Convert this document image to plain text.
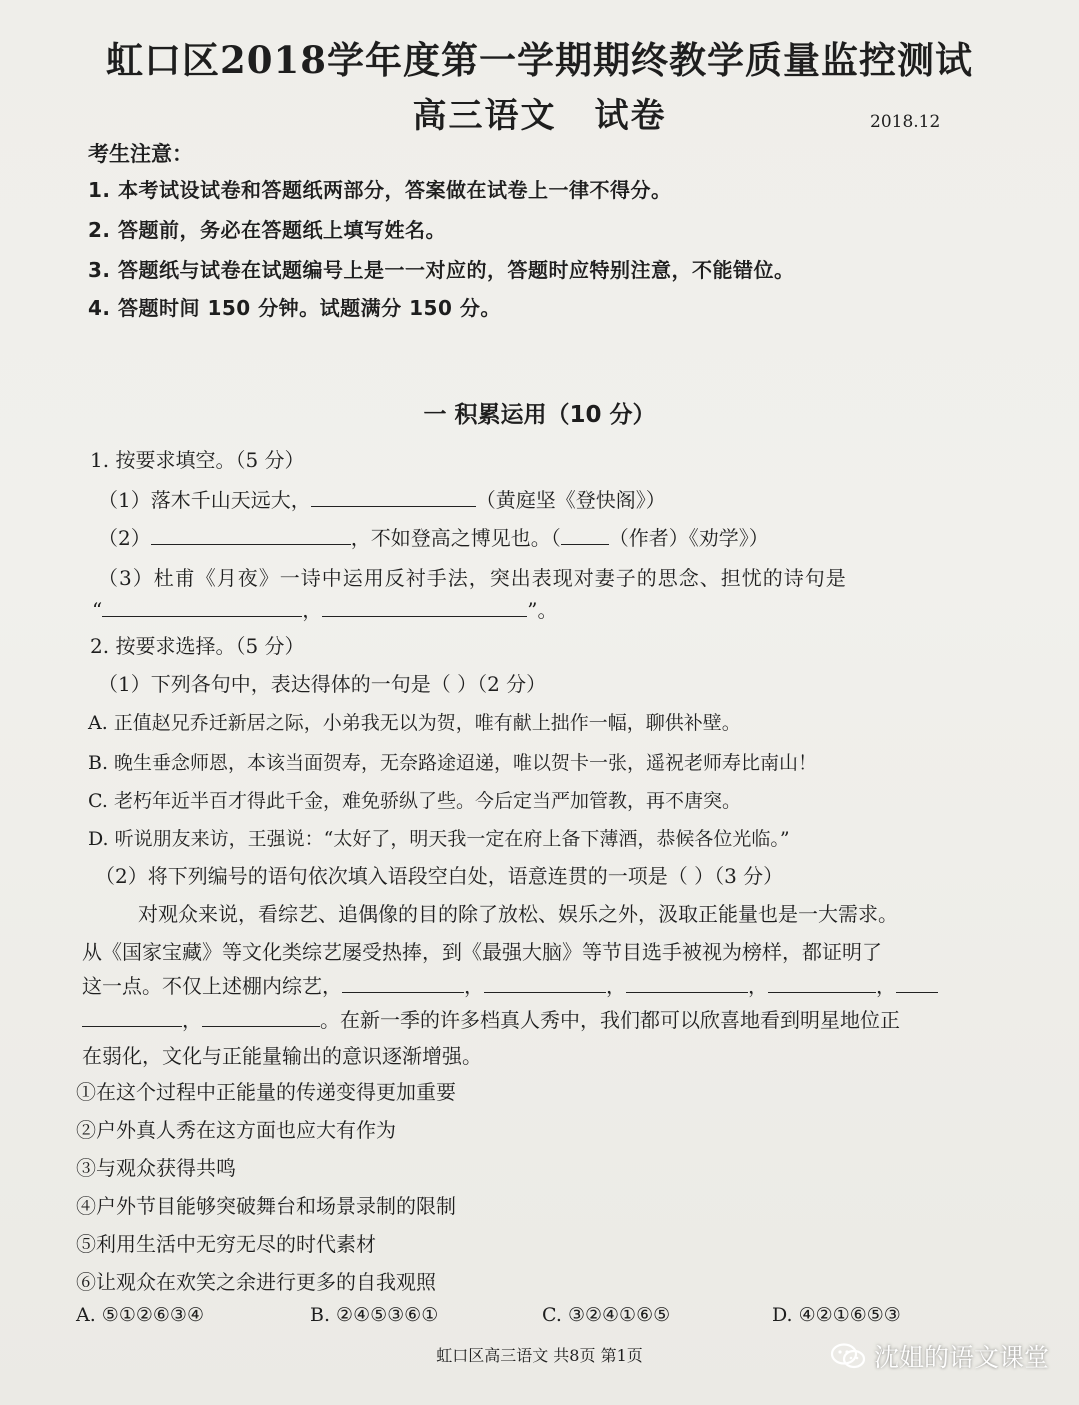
虹口区2018学年度第一学期期终教学质量监控测试
高三语文 试卷	2018.12
考生注意：
1. 本考试设试卷和答题纸两部分，答案做在试卷上一律不得分。
2. 答题前，务必在答题纸上填写姓名。
3. 答题纸与试卷在试题编号上是一一对应的，答题时应特别注意，不能错位。
4. 答题时间 150 分钟。试题满分 150 分。
一 积累运用（10 分）
1. 按要求填空。（5 分）
（1）落木千山天远大，	（黄庭坚《登快阁》）
（2）	，不如登高之博见也。（ （作者）《劝学》）
（3）杜甫《月夜》一诗中运用反衬手法，突出表现对妻子的思念、担忧的诗句是
“	，	”。
2. 按要求选择。（5 分）
（1）下列各句中，表达得体的一句是（ ）（2 分）
A. 正值赵兄乔迁新居之际，小弟我无以为贺，唯有献上拙作一幅，聊供补壁。
B. 晚生垂念师恩，本该当面贺寿，无奈路途迢递，唯以贺卡一张，遥祝老师寿比南山！
C. 老朽年近半百才得此千金，难免骄纵了些。今后定当严加管教，再不唐突。
D. 听说朋友来访，王强说：“太好了，明天我一定在府上备下薄酒，恭候各位光临。”
（2）将下列编号的语句依次填入语段空白处，语意连贯的一项是（ ）（3 分）
对观众来说，看综艺、追偶像的目的除了放松、娱乐之外，汲取正能量也是一大需求。
从《国家宝藏》等文化类综艺屡受热捧，到《最强大脑》等节目选手被视为榜样，都证明了
这一点。不仅上述棚内综艺，	，	，	，	，
，	。在新一季的许多档真人秀中，我们都可以欣喜地看到明星地位正
在弱化，文化与正能量输出的意识逐渐增强。
①在这个过程中正能量的传递变得更加重要
②户外真人秀在这方面也应大有作为
③与观众获得共鸣
④户外节目能够突破舞台和场景录制的限制
⑤利用生活中无穷无尽的时代素材
⑥让观众在欢笑之余进行更多的自我观照
A. ⑤①②⑥③④	B. ②④⑤③⑥①	C. ③②④①⑥⑤	D. ④②①⑥⑤③
虹口区高三语文 共8页 第1页	沈姐的语文课堂
